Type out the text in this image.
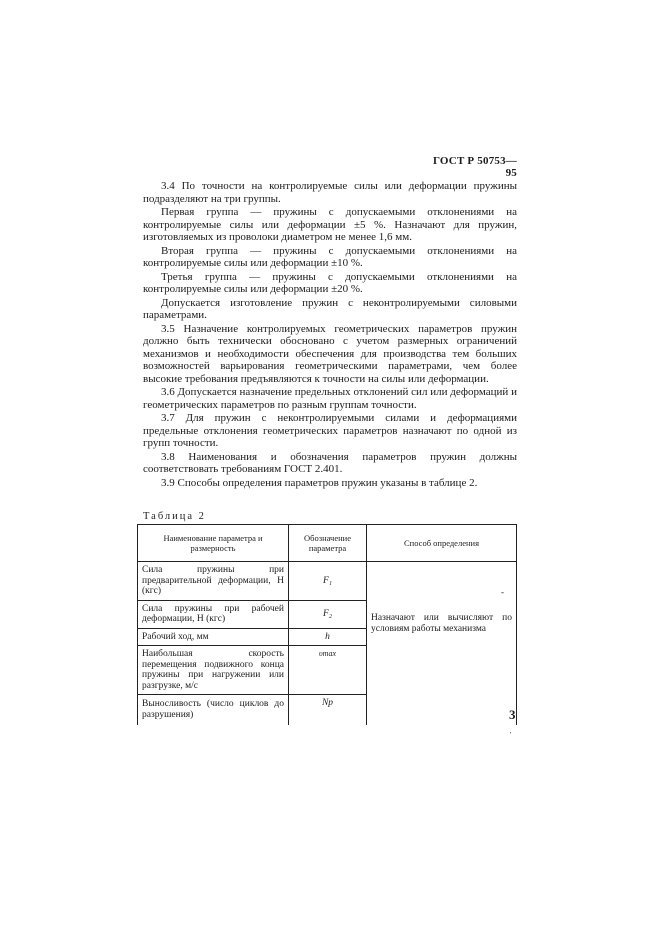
ГОСТ Р 50753—95

3.4 По точности на контролируемые силы или деформации пружины подразделяют на три группы.

Первая группа — пружины с допускаемыми отклонениями на контролируемые силы или деформации ±5 %. Назначают для пружин, изготовляемых из проволоки диаметром не менее 1,6 мм.

Вторая группа — пружины с допускаемыми отклонениями на контролируемые силы или деформации ±10 %.

Третья группа — пружины с допускаемыми отклонениями на контролируемые силы или деформации ±20 %.

Допускается изготовление пружин с неконтролируемыми силовыми параметрами.

3.5 Назначение контролируемых геометрических параметров пружин должно быть технически обосновано с учетом размерных ограничений механизмов и необходимости обеспечения для производства тем больших возможностей варьирования геометрическими параметрами, чем более высокие требования предъявляются к точности на силы или деформации.

3.6 Допускается назначение предельных отклонений сил или деформаций и геометрических параметров по разным группам точности.

3.7 Для пружин с неконтролируемыми силами и деформациями предельные отклонения геометрических параметров назначают по одной из групп точности.

3.8 Наименования и обозначения параметров пружин должны соответствовать требованиям ГОСТ 2.401.

3.9 Способы определения параметров пружин указаны в таблице 2.

Таблица 2
Наименование параметра и размерность	Обозначение параметра	Способ определения
Сила пружины при предварительной деформации, Н (кгс)	F₁	-
Назначают или вычисляют по условиям работы механизма

Сила пружины при рабочей деформации, Н (кгс)	F₂	
Рабочий ход, мм	h	
Наибольшая скорость перемещения подвижного конца пружины при нагружении или разгрузке, м/с	υmax	
Выносливость (число циклов до разрушения)	Np	
3
'
